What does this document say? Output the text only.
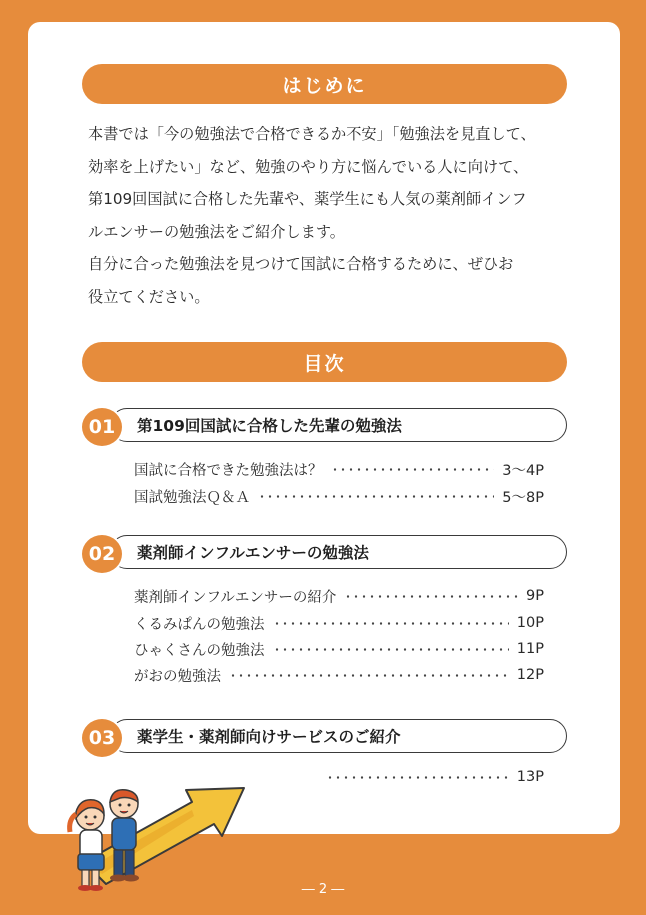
はじめに

本書では「今の勉強法で合格できるか不安」「勉強法を見直して、

効率を上げたい」など、勉強のやり方に悩んでいる人に向けて、

第109回国試に合格した先輩や、薬学生にも人気の薬剤師インフ

ルエンサーの勉強法をご紹介します。

自分に合った勉強法を見つけて国試に合格するために、ぜひお

役立てください。

目次
01	第109回国試に合格した先輩の勉強法
国試に合格できた勉強法は？	3～4P
国試勉強法Ｑ＆Ａ	5～8P
02	薬剤師インフルエンサーの勉強法
薬剤師インフルエンサーの紹介	9P
くるみぱんの勉強法	10P
ひゃくさんの勉強法	11P
がおの勉強法	12P
03	薬学生・薬剤師向けサービスのご紹介
13P
― 2 ―
